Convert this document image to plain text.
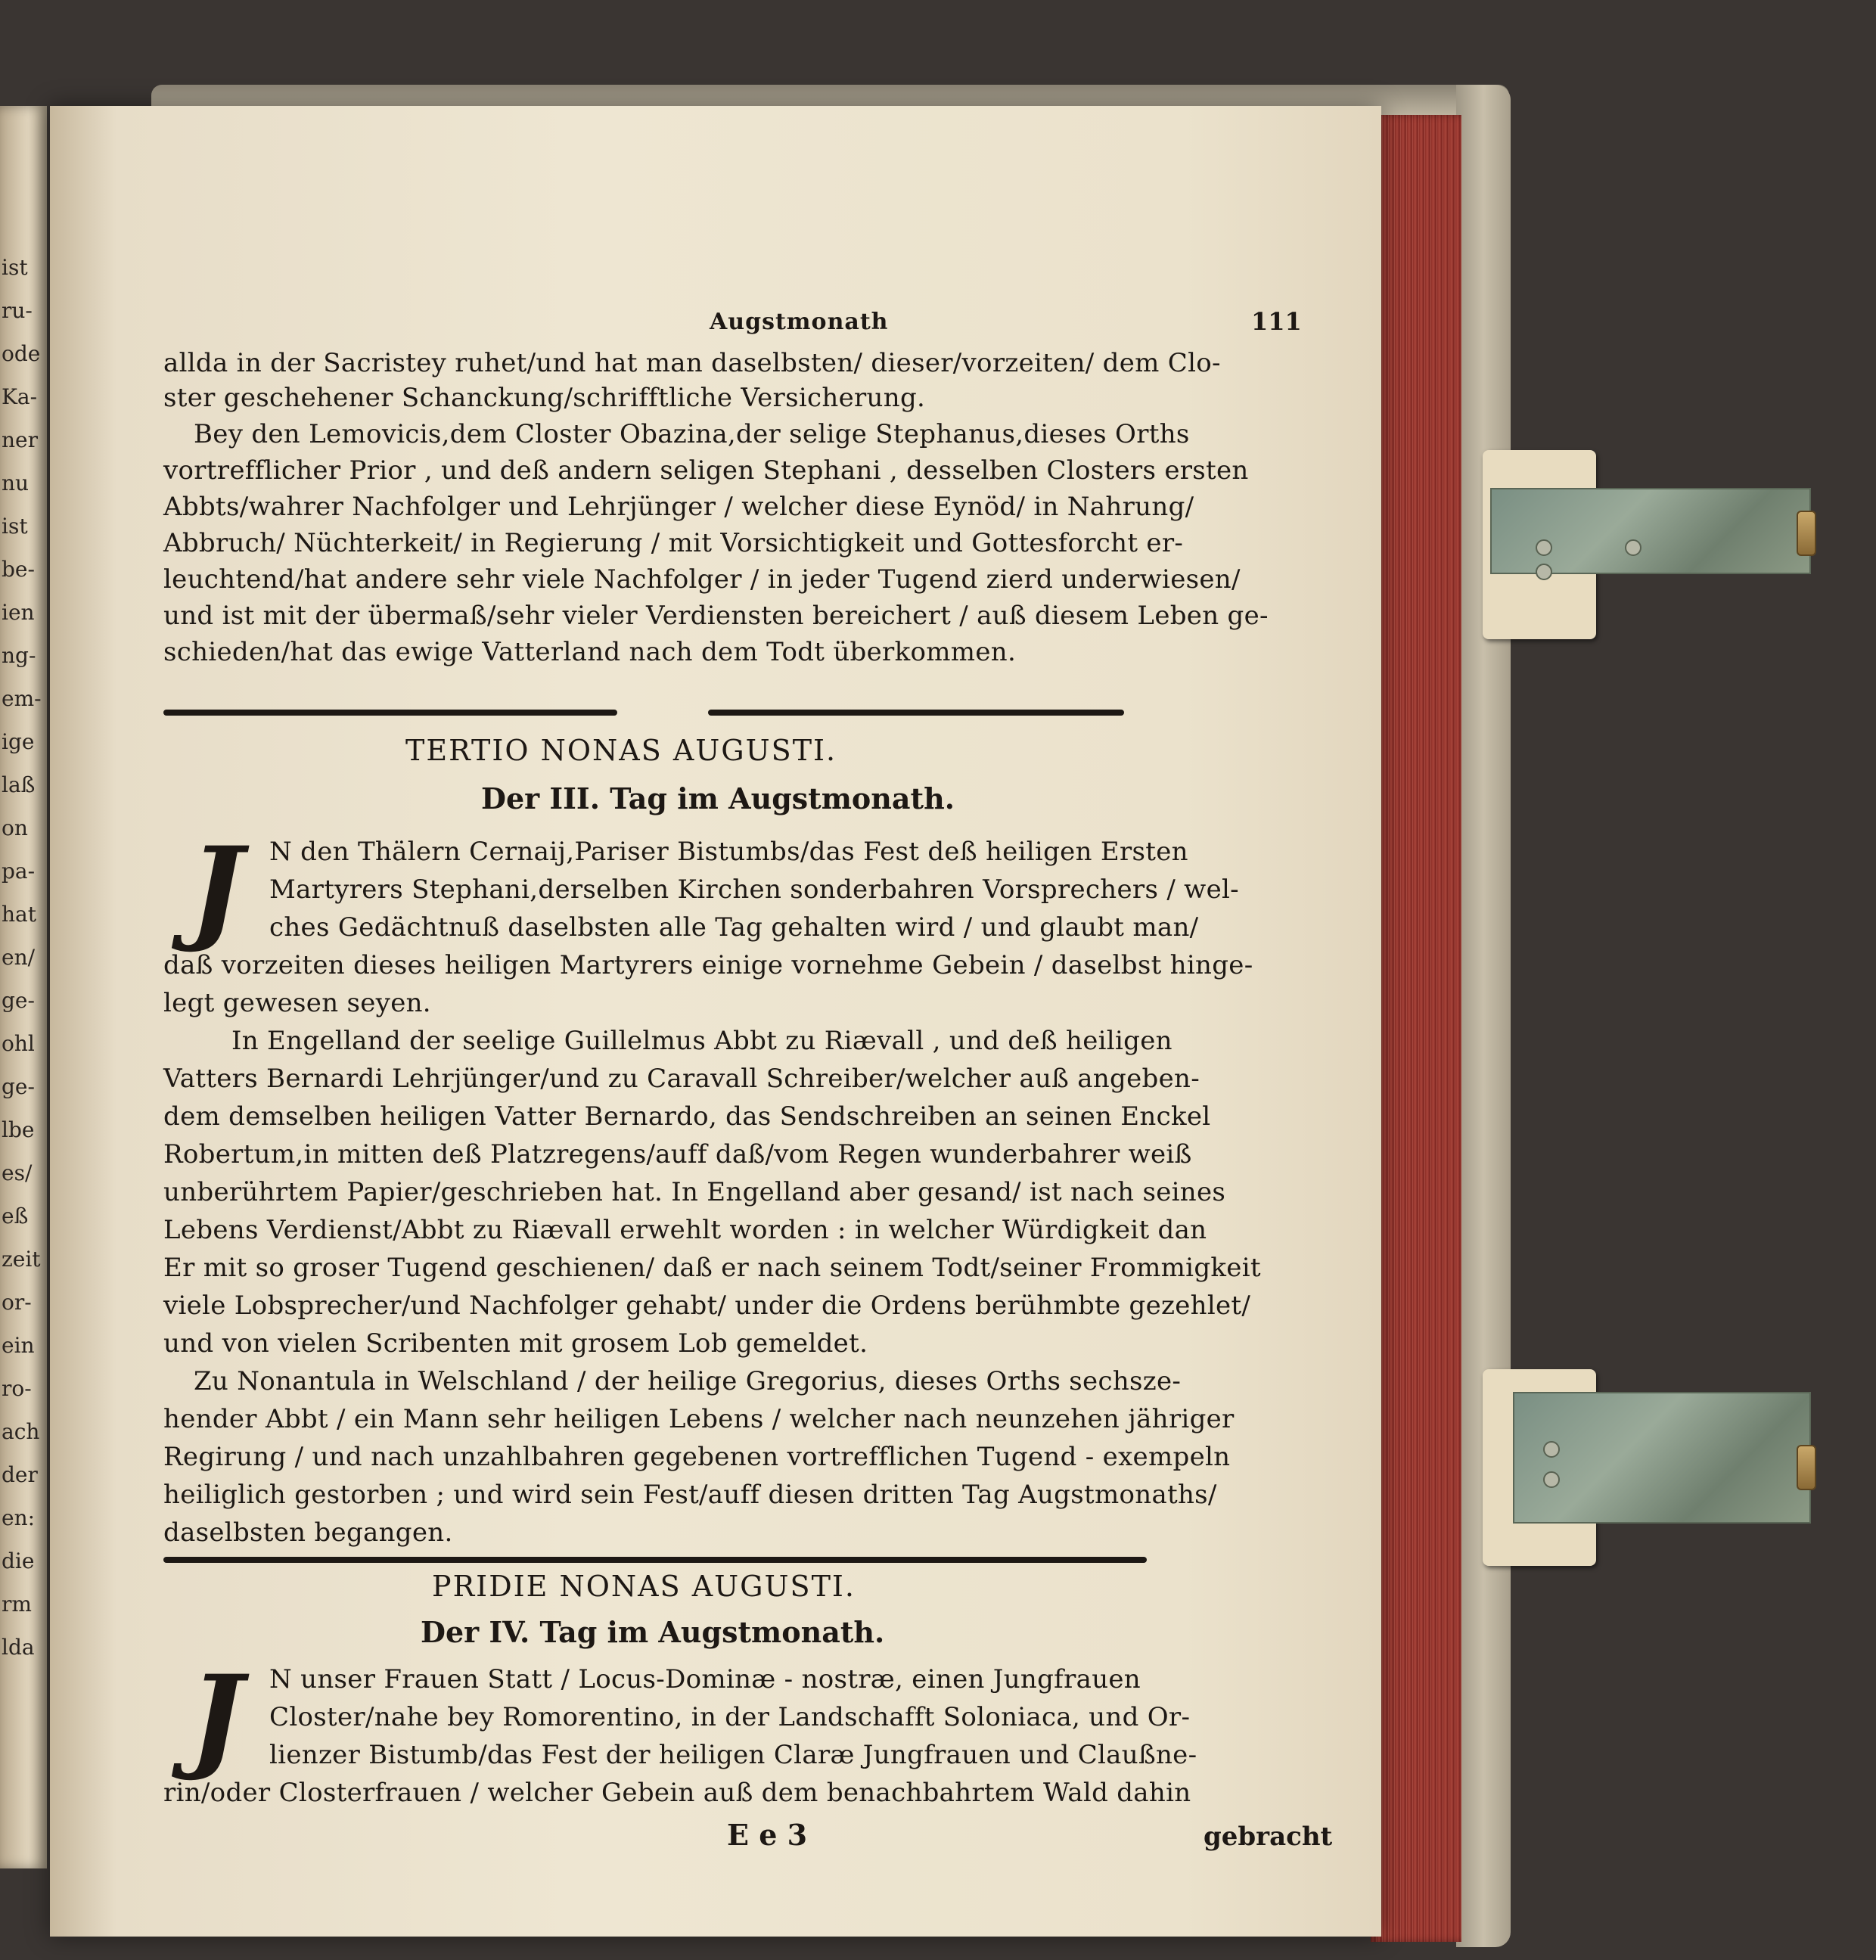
ist
ru-
ode
Ka-
ner
nu
ist
be-
ien
ng-
em-
ige
laß
on
pa-
hat
en/
ge-
ohl
ge-
lbe
es/
eß
zeit
or-
ein
ro-
ach
der
en:
die
rm
lda
Augstmonath	111
allda in der Sacristey ruhet/und hat man daselbsten/ dieser/vorzeiten/ dem Clo-
ster geschehener Schanckung/schrifftliche Versicherung.
Bey den Lemovicis,dem Closter Obazina,der selige Stephanus,dieses Orths
vortrefflicher Prior , und deß andern seligen Stephani , desselben Closters ersten
Abbts/wahrer Nachfolger und Lehrjünger / welcher diese Eynöd/ in Nahrung/
Abbruch/ Nüchterkeit/ in Regierung / mit Vorsichtigkeit und Gottesforcht er-
leuchtend/hat andere sehr viele Nachfolger / in jeder Tugend zierd underwiesen/
und ist mit der übermaß/sehr vieler Verdiensten bereichert / auß diesem Leben ge-
schieden/hat das ewige Vatterland nach dem Todt überkommen.
TERTIO NONAS AUGUSTI.
Der III. Tag im Augstmonath.
J	N den Thälern Cernaij,Pariser Bistumbs/das Fest deß heiligen Ersten
Martyrers Stephani,derselben Kirchen sonderbahren Vorsprechers / wel-
ches Gedächtnuß daselbsten alle Tag gehalten wird / und glaubt man/
daß vorzeiten dieses heiligen Martyrers einige vornehme Gebein / daselbst hinge-
legt gewesen seyen.
In Engelland der seelige Guillelmus Abbt zu Riævall , und deß heiligen
Vatters Bernardi Lehrjünger/und zu Caravall Schreiber/welcher auß angeben-
dem demselben heiligen Vatter Bernardo, das Sendschreiben an seinen Enckel
Robertum,in mitten deß Platzregens/auff daß/vom Regen wunderbahrer weiß
unberührtem Papier/geschrieben hat. In Engelland aber gesand/ ist nach seines
Lebens Verdienst/Abbt zu Riævall erwehlt worden : in welcher Würdigkeit dan
Er mit so groser Tugend geschienen/ daß er nach seinem Todt/seiner Frommigkeit
viele Lobsprecher/und Nachfolger gehabt/ under die Ordens berühmbte gezehlet/
und von vielen Scribenten mit grosem Lob gemeldet.
Zu Nonantula in Welschland / der heilige Gregorius, dieses Orths sechsze-
hender Abbt / ein Mann sehr heiligen Lebens / welcher nach neunzehen jähriger
Regirung / und nach unzahlbahren gegebenen vortrefflichen Tugend - exempeln
heiliglich gestorben ; und wird sein Fest/auff diesen dritten Tag Augstmonaths/
daselbsten begangen.
PRIDIE NONAS AUGUSTI.
Der IV. Tag im Augstmonath.
J	N unser Frauen Statt / Locus-Dominæ - nostræ, einen Jungfrauen
Closter/nahe bey Romorentino, in der Landschafft Soloniaca, und Or-
lienzer Bistumb/das Fest der heiligen Claræ Jungfrauen und Claußne-
rin/oder Closterfrauen / welcher Gebein auß dem benachbahrtem Wald dahin
E e 3	gebracht
